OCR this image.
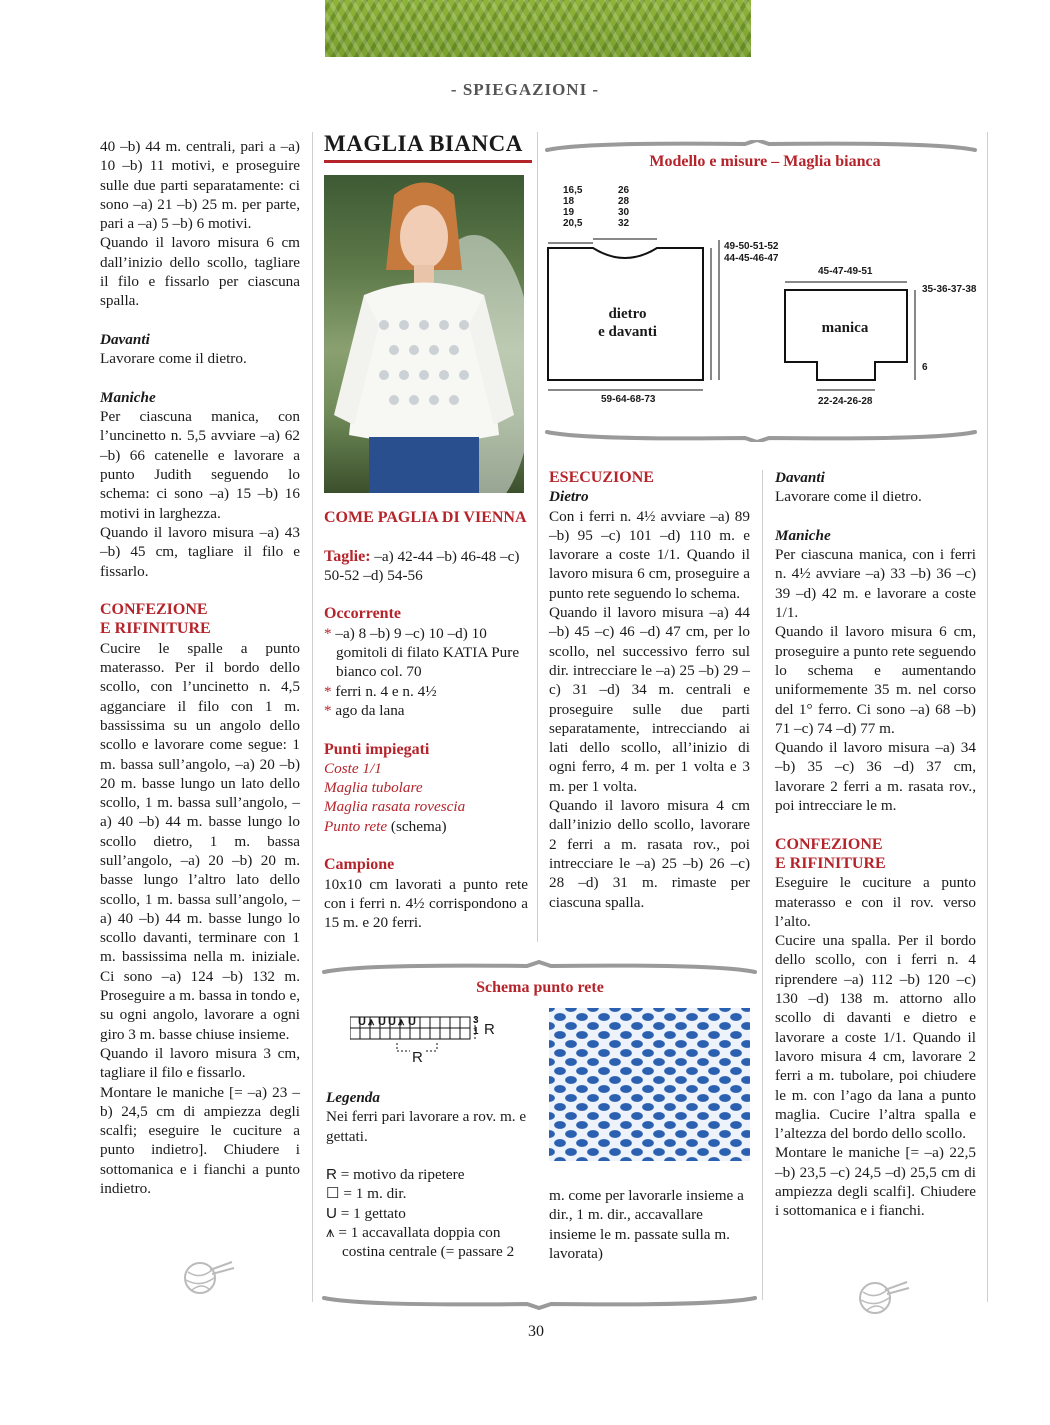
- SPIEGAZIONI -

40 –b) 44 m. centrali, pari a –a) 10 –b) 11 motivi, e proseguire sulle due parti separatamente: ci sono –a) 21 –b) 25 m. per parte, pari a –a) 5 –b) 6 motivi.

Quando il lavoro misura 6 cm dall’inizio dello scollo, tagliare il filo e fissarlo per ciascuna spalla.

Davanti

Lavorare come il dietro.

Maniche

Per ciascuna manica, con l’uncinetto n. 5,5 avviare –a) 62 –b) 66 catenelle e lavorare a punto Judith seguendo lo schema: ci sono –a) 15 –b) 16 motivi in larghezza.

Quando il lavoro misura –a) 43 –b) 45 cm, tagliare il filo e fissarlo.

CONFEZIONE
E RIFINITURE

Cucire le spalle a punto materasso. Per il bordo dello scollo, con l’uncinetto n. 4,5 agganciare il filo con 1 m. bassissima su un angolo dello scollo e lavorare come segue: 1 m. bassa sull’angolo, –a) 20 –b) 20 m. basse lungo un lato dello scollo, 1 m. bassa sull’angolo, –a) 40 –b) 44 m. basse lungo lo scollo dietro, 1 m. bassa sull’angolo, –a) 20 –b) 20 m. basse lungo l’altro lato dello scollo, 1 m. bassa sull’angolo, –a) 40 –b) 44 m. basse lungo lo scollo davanti, terminare con 1 m. bassissima nella m. iniziale. Ci sono –a) 124 –b) 132 m. Proseguire a m. bassa in tondo e, su ogni angolo, lavorare a ogni giro 3 m. basse chiuse insieme.

Quando il lavoro misura 3 cm, tagliare il filo e fissarlo.

Montare le maniche [= –a) 23 –b) 24,5 cm di ampiezza degli scalfi; eseguire le cuciture a punto indietro]. Chiudere i sottomanica e i fianchi a punto indietro.

MAGLIA BIANCA
COME PAGLIA DI VIENNA

Taglie: –a) 42-44 –b) 46-48 –c) 50-52 –d) 54-56

Occorrente
* –a) 8 –b) 9 –c) 10 –d) 10 gomitoli di filato KATIA Pure bianco col. 70
* ferri n. 4 e n. 4½
* ago da lana
Punti impiegati
Coste 1/1
Maglia tubolare
Maglia rasata rovescia
Punto rete (schema)
Campione

10x10 cm lavorati a punto rete con i ferri n. 4½ corrispondono a 15 m. e 20 ferri.

Modello e misure – Maglia bianca
16,5
18
19
20,5
26
28
30
32
49-50-51-52
44-45-46-47
dietro
e davanti
59-64-68-73
45-47-49-51
35-36-37-38
manica
6
22-24-26-28
ESECUZIONE
Dietro

Con i ferri n. 4½ avviare –a) 89 –b) 95 –c) 101 –d) 110 m. e lavorare a coste 1/1. Quando il lavoro misura 6 cm, proseguire a punto rete seguendo lo schema.

Quando il lavoro misura –a) 44 –b) 45 –c) 46 –d) 47 cm, per lo scollo, nel successivo ferro sul dir. intrecciare le –a) 25 –b) 29 –c) 31 –d) 34 m. centrali e proseguire sulle due parti separatamente, intrecciando ai lati dello scollo, all’inizio di ogni ferro, 4 m. per 1 volta e 3 m. per 1 volta.

Quando il lavoro misura 4 cm dall’inizio dello scollo, lavorare 2 ferri a m. rasata rov., poi intrecciare le –a) 25 –b) 26 –c) 28 –d) 31 m. rimaste per ciascuna spalla.

Davanti

Lavorare come il dietro.

Maniche

Per ciascuna manica, con i ferri n. 4½ avviare –a) 33 –b) 36 –c) 39 –d) 42 m. e lavorare a coste 1/1.

Quando il lavoro misura 6 cm, proseguire a punto rete seguendo lo schema e aumentando uniformemente 35 m. nel corso del 1° ferro. Ci sono –a) 68 –b) 71 –c) 74 –d) 77 m.

Quando il lavoro misura –a) 34 –b) 35 –c) 36 –d) 37 cm, lavorare 2 ferri a m. rasata rov., poi intrecciare le m.

CONFEZIONE
E RIFINITURE

Eseguire le cuciture a punto materasso e con il rov. verso l’alto.

Cucire una spalla. Per il bordo dello scollo, con i ferri n. 4 riprendere –a) 112 –b) 120 –c) 130 –d) 138 m. attorno allo scollo di davanti e dietro e lavorare a coste 1/1. Quando il lavoro misura 4 cm, lavorare 2 ferri a m. tubolare, poi chiudere le m. con l’ago da lana a punto maglia. Cucire l’altra spalla e l’altezza del bordo dello scollo.

Montare le maniche [= –a) 22,5 –b) 23,5 –c) 24,5 –d) 25,5 cm di ampiezza degli scalfi]. Chiudere i sottomanica e i fianchi.

Schema punto rete
U ⩚ U U ⩚ U	3
1 R
R
Legenda

Nei ferri pari lavorare a rov. m. e gettati.

R = motivo da ripetere
☐ = 1 m. dir.
U = 1 gettato
⩚ = 1 accavallata doppia con costina centrale (= passare 2
m. come per lavorarle insieme a dir., 1 m. dir., accavallare insieme le m. passate sulla m. lavorata)
30
